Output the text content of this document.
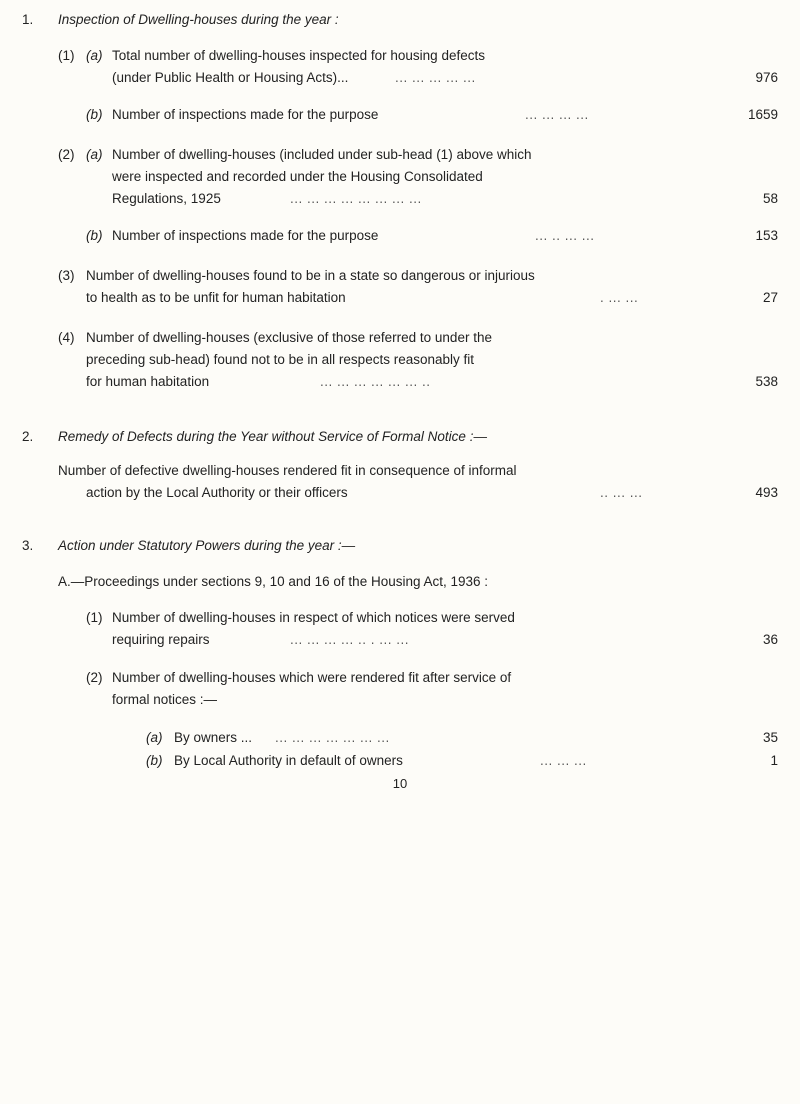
1. Inspection of Dwelling-houses during the year :
(1) (a) Total number of dwelling-houses inspected for housing defects
(under Public Health or Housing Acts)...	... ... ... ... ...	976
(b) Number of inspections made for the purpose	... ... ... ...	1659
(2) (a) Number of dwelling-houses (included under sub-head (1) above which
were inspected and recorded under the Housing Consolidated
Regulations, 1925	... ... ... ... ... ... ... ...	58
(b) Number of inspections made for the purpose	... .. ... ...	153
(3) Number of dwelling-houses found to be in a state so dangerous or injurious
to health as to be unfit for human habitation	. ... ...	27
(4) Number of dwelling-houses (exclusive of those referred to under the
preceding sub-head) found not to be in all respects reasonably fit
for human habitation	... ... ... ... ... ... ..	538
2. Remedy of Defects during the Year without Service of Formal Notice :—
Number of defective dwelling-houses rendered fit in consequence of informal
action by the Local Authority or their officers	.. ... ...	493
3. Action under Statutory Powers during the year :—
A.—Proceedings under sections 9, 10 and 16 of the Housing Act, 1936 :
(1) Number of dwelling-houses in respect of which notices were served
requiring repairs	... ... ... ... .. . ... ...	36
(2) Number of dwelling-houses which were rendered fit after service of
formal notices :—
(a) By owners ... ... ... ... ... ... ... ...	35
(b) By Local Authority in default of owners	... ... ...	1
10
